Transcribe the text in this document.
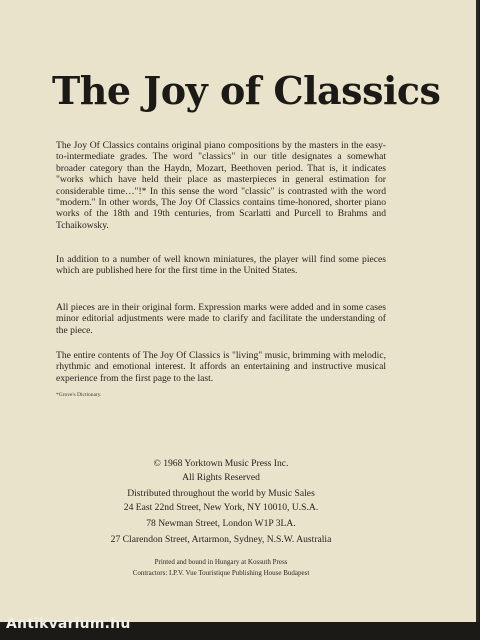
The Joy of Classics
The Joy Of Classics contains original piano compositions by the masters in the easy-to-intermediate grades. The word "classics" in our title designates a somewhat broader category than the Haydn, Mozart, Beethoven period. That is, it indicates "works which have held their place as masterpieces in general estimation for considerable time…"!* In this sense the word "classic" is contrasted with the word "modern." In other words, The Joy Of Classics contains time-honored, shorter piano works of the 18th and 19th centuries, from Scarlatti and Purcell to Brahms and Tchaikowsky.
In addition to a number of well known miniatures, the player will find some pieces which are published here for the first time in the United States.
All pieces are in their original form. Expression marks were added and in some cases minor editorial adjustments were made to clarify and facilitate the understanding of the piece.
The entire contents of The Joy Of Classics is "living" music, brimming with melodic, rhythmic and emotional interest. It affords an entertaining and instructive musical experience from the first page to the last.
*Grove's Dictionary.
© 1968 Yorktown Music Press Inc.
All Rights Reserved
Distributed throughout the world by Music Sales
24 East 22nd Street, New York, NY 10010, U.S.A.
78 Newman Street, London W1P 3LA.
27 Clarendon Street, Artarmon, Sydney, N.S.W. Australia
Printed and bound in Hungary at Kossuth Press
Contractors: I.P.V. Vue Touristique Publishing House Budapest
Antikvarium.hu
